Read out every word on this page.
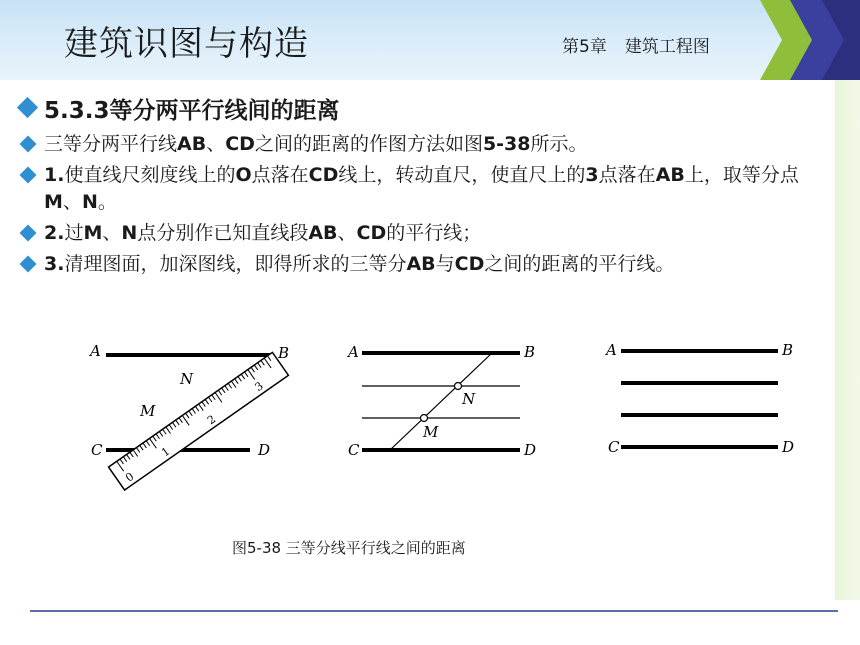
建筑识图与构造	第5章 建筑工程图
5.3.3等分两平行线间的距离
三等分两平行线AB、CD之间的距离的作图方法如图5-38所示。
1.使直线尺刻度线上的O点落在CD线上，转动直尺，使直尺上的3点落在AB上，取等分点M、N。
2.过M、N点分别作已知直线段AB、CD的平行线；
3.清理图面，加深图线，即得所求的三等分AB与CD之间的距离的平行线。
0
1
2
3
A	B
C	D
M
N
A	B
C	D
M
N
A	B
C	D
图5-38 三等分线平行线之间的距离
